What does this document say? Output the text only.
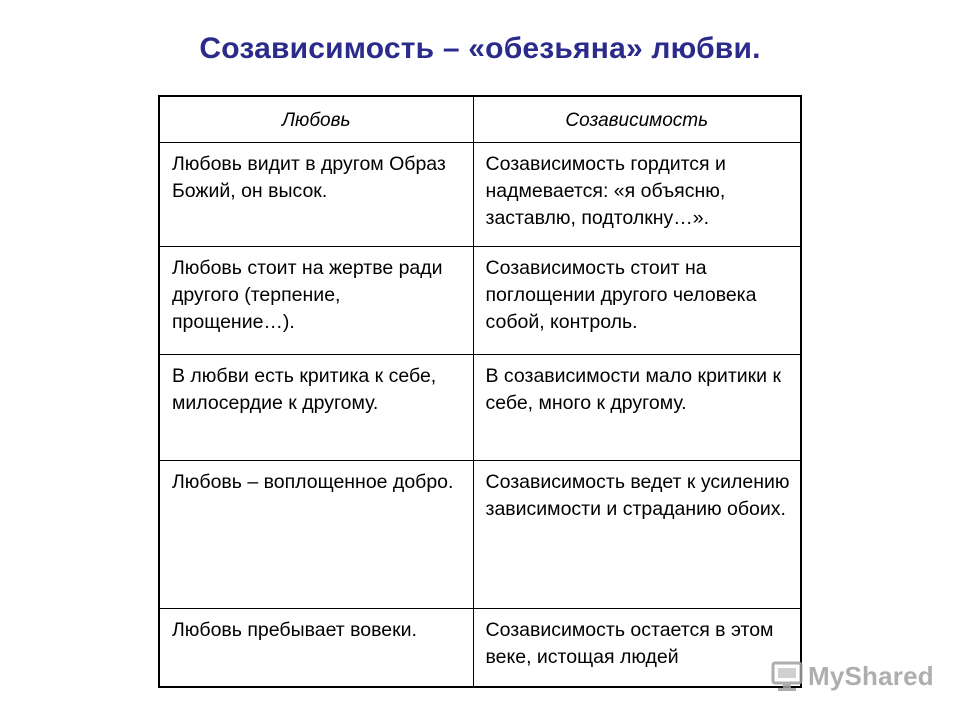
Созависимость – «обезьяна» любви.
Любовь	Созависимость
Любовь видит в другом Образ Божий, он высок.	Созависимость гордится и надмевается: «я объясню, заставлю, подтолкну…».
Любовь стоит на жертве ради другого (терпение, прощение…).	Созависимость стоит на поглощении другого человека собой, контроль.
В любви есть критика к себе, милосердие к другому.	В созависимости мало критики к себе, много к другому.
Любовь – воплощенное добро.	Созависимость ведет к усилению зависимости и страданию обоих.
Любовь пребывает вовеки.	Созависимость остается в этом веке, истощая людей
MyShared
